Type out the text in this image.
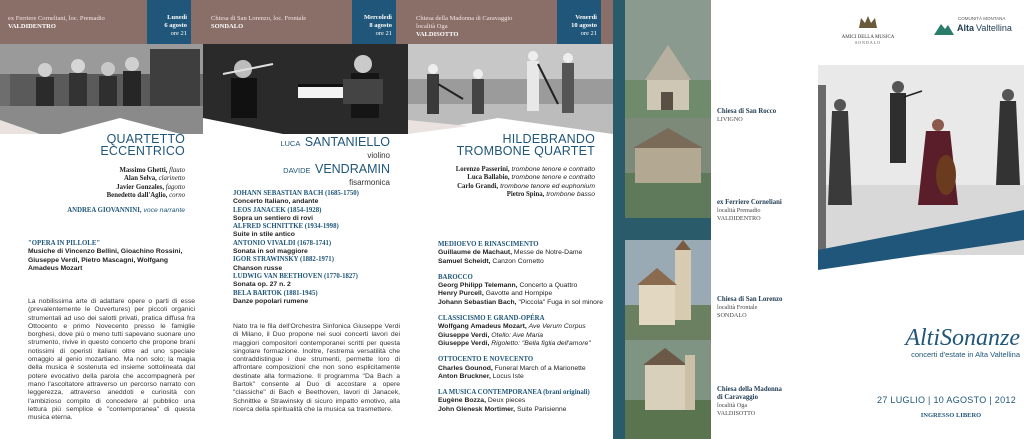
ex Ferriere Corneliani, loc. Premadio
VALDIDENTRO
Lunedì
6 agosto
ore 21
QUARTETTO
ECCENTRICO
Massimo Ghetti, flauto
Alan Selva, clarinetto
Javier Gonzales, fagotto
Benedetto dall'Aglio, corno
ANDREA GIOVANNINI, voce narrante
"OPERA IN PILLOLE"
Musiche di Vincenzo Bellini, Gioachino Rossini,
Giuseppe Verdi, Pietro Mascagni, Wolfgang
Amadeus Mozart
La nobilissima arte di adattare opere o parti di esse (prevalentemente le Ouvertures) per piccoli organici strumentali ad uso dei salotti privati, pratica diffusa fra Ottocento e primo Novecento presso le famiglie borghesi, dove più o meno tutti sapevano suonare uno strumento, rivive in questo concerto che propone brani notissimi di operisti italiani oltre ad uno speciale omaggio al genio mozartiano. Ma non solo; la magia della musica è sostenuta ed insieme sottolineata dal potere evocativo della parola che accompagnerà per mano l'ascoltatore attraverso un percorso narrato con leggerezza, attraverso aneddoti e curiosità con l'ambizioso compito di concedere al pubblico una lettura più semplice e "contemporanea" di questa musica eterna.
Chiesa di San Lorenzo, loc. Frontale
SONDALO
Mercoledì
8 agosto
ore 21
LUCA SANTANIELLO
violino
DAVIDE VENDRAMIN
fisarmonica
JOHANN SEBASTIAN BACH (1685-1750)
Concerto Italiano, andante
LEOS JANACEK (1854-1928)
Sopra un sentiero di rovi
ALFRED SCHNITTKE (1934-1998)
Suite in stile antico
ANTONIO VIVALDI (1678-1741)
Sonata in sol maggiore
IGOR STRAWINSKY (1882-1971)
Chanson russe
LUDWIG VAN BEETHOVEN (1770-1827)
Sonata op. 27 n. 2
BELA BARTOK (1881-1945)
Danze popolari rumene
Nato tra le fila dell'Orchestra Sinfonica Giuseppe Verdi di Milano, il Duo propone nei suoi concerti lavori dei maggiori compositori contemporanei scritti per questa singolare formazione. Inoltre, l'estrema versatilità che contraddistingue i due strumenti, permette loro di affrontare composizioni che non sono esplicitamente destinate alla formazione. Il programma "Da Bach a Bartok" consente al Duo di accostare a opere "classiche" di Bach e Beethoven, lavori di Janacek, Schnittke e Strawinsky di sicuro impatto emotivo, alla ricerca della spiritualità che la musica sa trasmettere.
Chiesa della Madonna di Caravaggio
località Oga
VALDISOTTO
Venerdì
10 agosto
ore 21
HILDEBRANDO
TROMBONE QUARTET
Lorenzo Passerini, trombone tenore e contralto
Luca Ballabio, trombone tenore e contralto
Carlo Grandi, trombone tenore ed euphonium
Pietro Spina, trombone basso
MEDIOEVO E RINASCIMENTO
Guillaume de Machaut, Messe de Notre-Dame
Samuel Scheidt, Canzon Cornetto
BAROCCO
Georg Philipp Telemann, Concerto a Quattro
Henry Purcell, Gavotte and Hornpipe
Johann Sebastian Bach, "Piccola" Fuga in sol minore
CLASSICISMO E GRAND-OPÉRA
Wolfgang Amadeus Mozart, Ave Verum Corpus
Giuseppe Verdi, Otello: Ave Maria
Giuseppe Verdi, Rigoletto: "Bella figlia dell'amore"
OTTOCENTO E NOVECENTO
Charles Gounod, Funeral March of a Marionette
Anton Bruckner, Locus Iste
LA MUSICA CONTEMPORANEA (brani originali)
Eugène Bozza, Deux pieces
John Glenesk Mortimer, Suite Parisienne
Chiesa di San Rocco
LIVIGNO
ex Ferriere Corneliani
località Premadio
VALDIDENTRO
Chiesa di San Lorenzo
località Frontale
SONDALO
Chiesa della Madonna
di Caravaggio
località Oga
VALDISOTTO
AMICI DELLA MUSICA
SONDALO
COMUNITÀ MONTANA
Alta Valtellina
AltiSonanze
concerti d'estate in Alta Valtellina
27 LUGLIO | 10 AGOSTO | 2012
INGRESSO LIBERO
